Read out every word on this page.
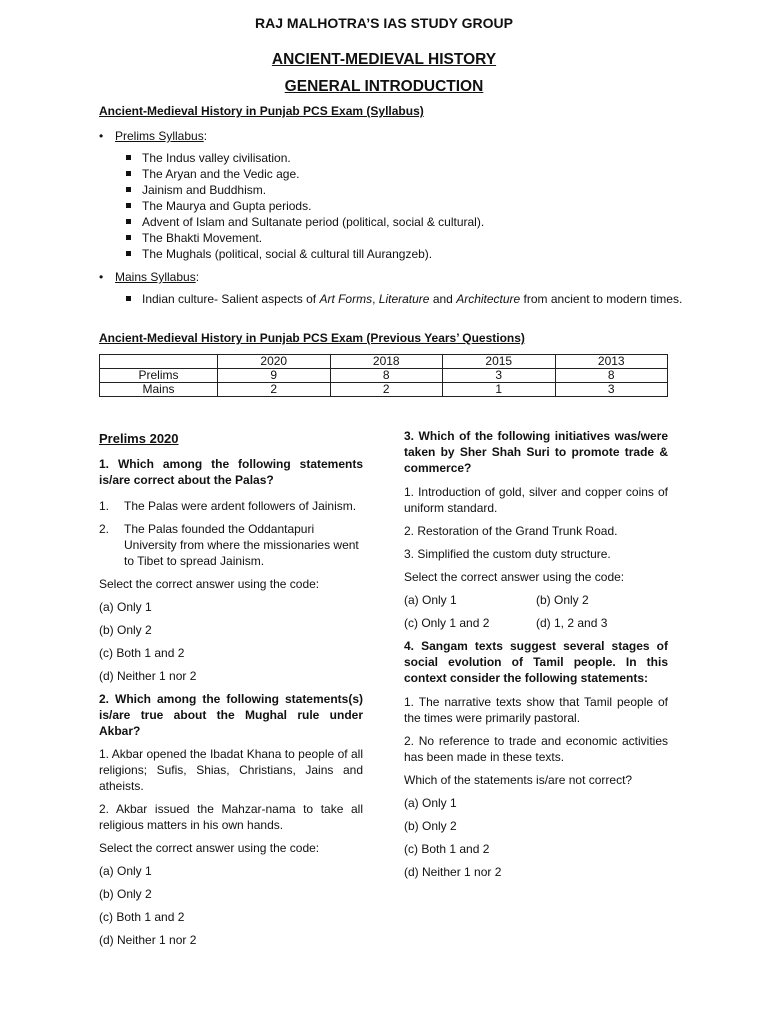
RAJ MALHOTRA’S IAS STUDY GROUP
ANCIENT-MEDIEVAL HISTORY
GENERAL INTRODUCTION
Ancient-Medieval History in Punjab PCS Exam (Syllabus)
• Prelims Syllabus:
The Indus valley civilisation.
The Aryan and the Vedic age.
Jainism and Buddhism.
The Maurya and Gupta periods.
Advent of Islam and Sultanate period (political, social & cultural).
The Bhakti Movement.
The Mughals (political, social & cultural till Aurangzeb).
• Mains Syllabus:
Indian culture- Salient aspects of Art Forms, Literature and Architecture from ancient to modern times.
Ancient-Medieval History in Punjab PCS Exam (Previous Years’ Questions)
	2020	2018	2015	2013
Prelims	9	8	3	8
Mains	2	2	1	3

Prelims 2020

1. Which among the following statements is/are correct about the Palas?

1.	The Palas were ardent followers of Jainism.
2.	The Palas founded the Oddantapuri University from where the missionaries went to Tibet to spread Jainism.

Select the correct answer using the code:

(a) Only 1

(b) Only 2

(c) Both 1 and 2

(d) Neither 1 nor 2

2. Which among the following statements(s) is/are true about the Mughal rule under Akbar?

1. Akbar opened the Ibadat Khana to people of all religions; Sufis, Shias, Christians, Jains and atheists.

2. Akbar issued the Mahzar-nama to take all religious matters in his own hands.

Select the correct answer using the code:

(a) Only 1

(b) Only 2

(c) Both 1 and 2

(d) Neither 1 nor 2

3. Which of the following initiatives was/were taken by Sher Shah Suri to promote trade & commerce?

1. Introduction of gold, silver and copper coins of uniform standard.

2. Restoration of the Grand Trunk Road.

3. Simplified the custom duty structure.

Select the correct answer using the code:

(a) Only 1	(b) Only 2
(c) Only 1 and 2	(d) 1, 2 and 3

4. Sangam texts suggest several stages of social evolution of Tamil people. In this context consider the following statements:

1. The narrative texts show that Tamil people of the times were primarily pastoral.

2. No reference to trade and economic activities has been made in these texts.

Which of the statements is/are not correct?

(a) Only 1

(b) Only 2

(c) Both 1 and 2

(d) Neither 1 nor 2
